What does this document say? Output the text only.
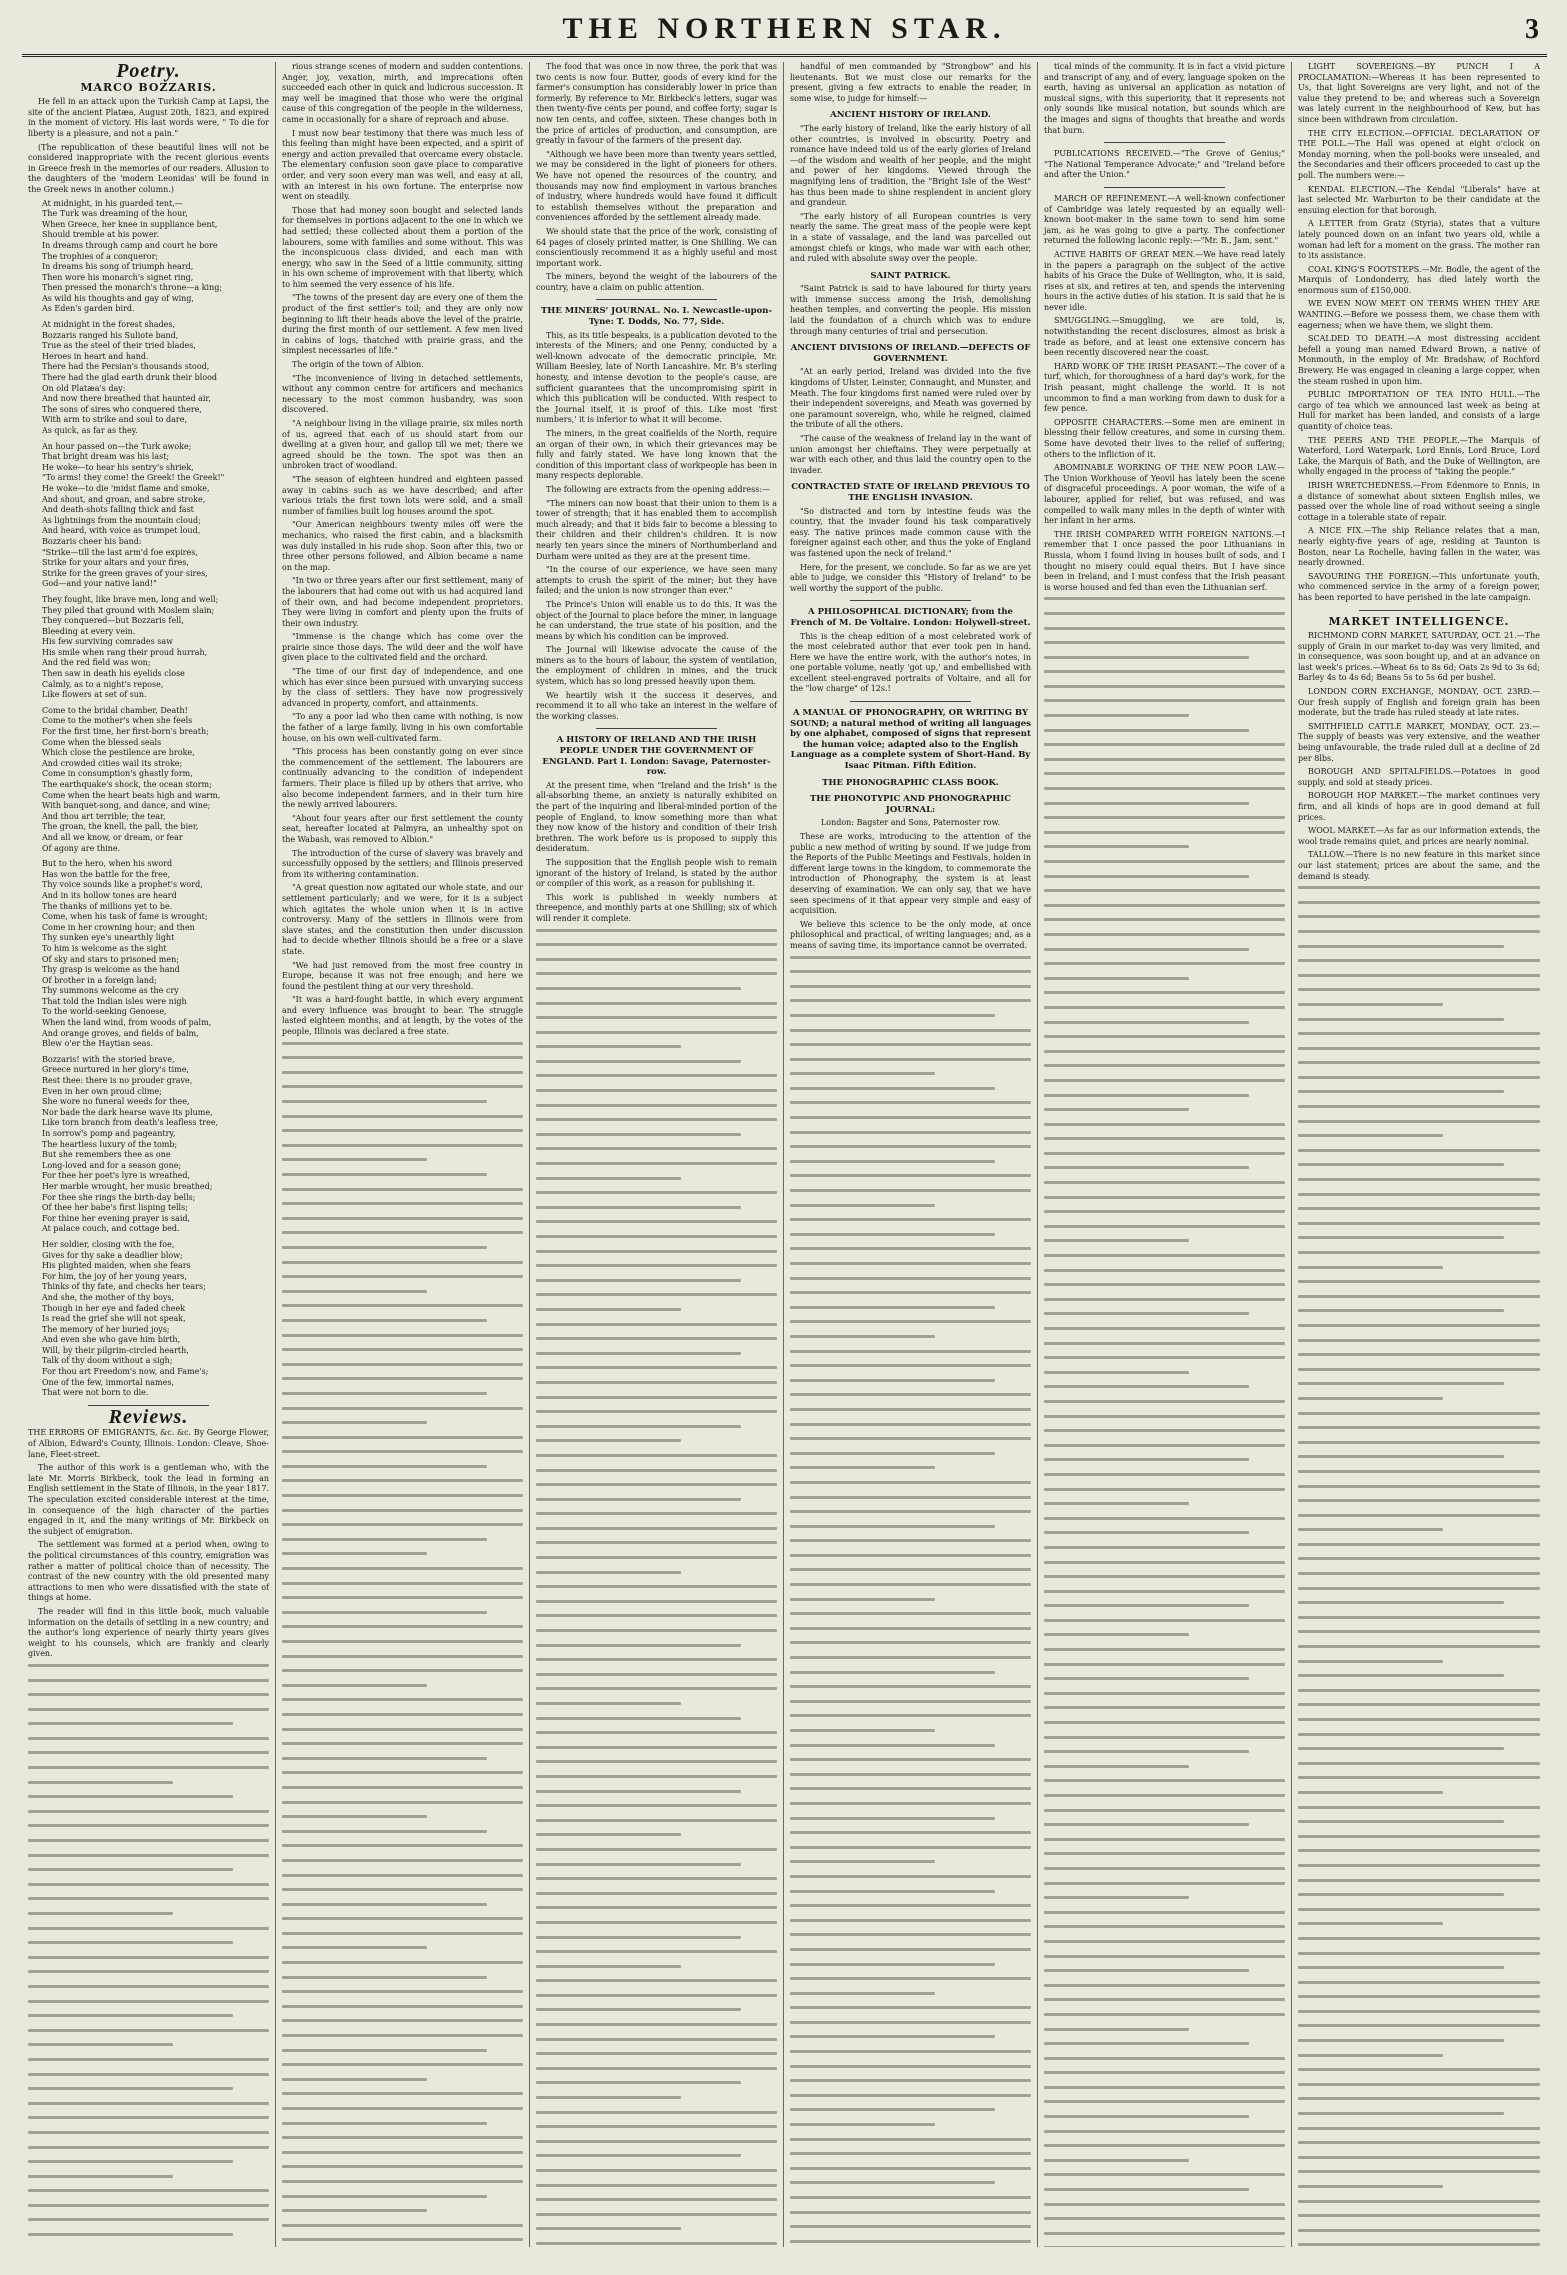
THE NORTHERN STAR.	3
Poetry.
MARCO BOZZARIS.

He fell in an attack upon the Turkish Camp at Lapsi, the site of the ancient Platæa, August 20th, 1823, and expired in the moment of victory. His last words were, " To die for liberty is a pleasure, and not a pain."

(The republication of these beautiful lines will not be considered inappropriate with the recent glorious events in Greece fresh in the memories of our readers. Allusion to the daughters of the 'modern Leonidas' will be found in the Greek news in another column.)

At midnight, in his guarded tent,—

The Turk was dreaming of the hour,

When Greece, her knee in suppliance bent,

Should tremble at his power.

In dreams through camp and court he bore

The trophies of a conqueror;

In dreams his song of triumph heard,

Then wore his monarch's signet ring,

Then pressed the monarch's throne—a king;

As wild his thoughts and gay of wing,

As Eden's garden bird.

At midnight in the forest shades,

Bozzaris ranged his Suliote band,

True as the steel of their tried blades,

Heroes in heart and hand.

There had the Persian's thousands stood,

There had the glad earth drunk their blood

On old Platæa's day:

And now there breathed that haunted air,

The sons of sires who conquered there,

With arm to strike and soul to dare,

As quick, as far as they.

An hour passed on—the Turk awoke;

That bright dream was his last;

He woke—to hear his sentry's shriek,

"To arms! they come! the Greek! the Greek!"

He woke—to die 'midst flame and smoke,

And shout, and groan, and sabre stroke,

And death-shots falling thick and fast

As lightnings from the mountain cloud;

And heard, with voice as trumpet loud,

Bozzaris cheer his band:

"Strike—till the last arm'd foe expires,

Strike for your altars and your fires,

Strike for the green graves of your sires,

God—and your native land!"

They fought, like brave men, long and well;

They piled that ground with Moslem slain;

They conquered—but Bozzaris fell,

Bleeding at every vein.

His few surviving comrades saw

His smile when rang their proud hurrah,

And the red field was won;

Then saw in death his eyelids close

Calmly, as to a night's repose,

Like flowers at set of sun.

Come to the bridal chamber, Death!

Come to the mother's when she feels

For the first time, her first-born's breath;

Come when the blessed seals

Which close the pestilence are broke,

And crowded cities wail its stroke;

Come in consumption's ghastly form,

The earthquake's shock, the ocean storm;

Come when the heart beats high and warm,

With banquet-song, and dance, and wine;

And thou art terrible; the tear,

The groan, the knell, the pall, the bier,

And all we know, or dream, or fear

Of agony are thine.

But to the hero, when his sword

Has won the battle for the free,

Thy voice sounds like a prophet's word,

And in its hollow tones are heard

The thanks of millions yet to be.

Come, when his task of fame is wrought;

Come in her crowning hour; and then

Thy sunken eye's unearthly light

To him is welcome as the sight

Of sky and stars to prisoned men;

Thy grasp is welcome as the hand

Of brother in a foreign land;

Thy summons welcome as the cry

That told the Indian isles were nigh

To the world-seeking Genoese,

When the land wind, from woods of palm,

And orange groves, and fields of balm,

Blew o'er the Haytian seas.

Bozzaris! with the storied brave,

Greece nurtured in her glory's time,

Rest thee: there is no prouder grave,

Even in her own proud clime;

She wore no funeral weeds for thee,

Nor bade the dark hearse wave its plume,

Like torn branch from death's leafless tree,

In sorrow's pomp and pageantry,

The heartless luxury of the tomb;

But she remembers thee as one

Long-loved and for a season gone;

For thee her poet's lyre is wreathed,

Her marble wrought, her music breathed;

For thee she rings the birth-day bells;

Of thee her babe's first lisping tells;

For thine her evening prayer is said,

At palace couch, and cottage bed.

Her soldier, closing with the foe,

Gives for thy sake a deadlier blow;

His plighted maiden, when she fears

For him, the joy of her young years,

Thinks of thy fate, and checks her tears;

And she, the mother of thy boys,

Though in her eye and faded cheek

Is read the grief she will not speak,

The memory of her buried joys;

And even she who gave him birth,

Will, by their pilgrim-circled hearth,

Talk of thy doom without a sigh;

For thou art Freedom's now, and Fame's;

One of the few, immortal names,

That were not born to die.

Reviews.

THE ERRORS OF EMIGRANTS, &c. &c. By George Flower, of Albion, Edward's County, Illinois. London: Cleave, Shoe-lane, Fleet-street.

The author of this work is a gentleman who, with the late Mr. Morris Birkbeck, took the lead in forming an English settlement in the State of Illinois, in the year 1817. The speculation excited considerable interest at the time, in consequence of the high character of the parties engaged in it, and the many writings of Mr. Birkbeck on the subject of emigration.

The settlement was formed at a period when, owing to the political circumstances of this country, emigration was rather a matter of political choice than of necessity. The contrast of the new country with the old presented many attractions to men who were dissatisfied with the state of things at home.

The reader will find in this little book, much valuable information on the details of settling in a new country; and the author's long experience of nearly thirty years gives weight to his counsels, which are frankly and clearly given.

rious strange scenes of modern and sudden contentions. Anger, joy, vexation, mirth, and imprecations often succeeded each other in quick and ludicrous succession. It may well be imagined that those who were the original cause of this congregation of the people in the wilderness, came in occasionally for a share of reproach and abuse.

I must now bear testimony that there was much less of this feeling than might have been expected, and a spirit of energy and action prevailed that overcame every obstacle. The elementary confusion soon gave place to comparative order, and very soon every man was well, and easy at all, with an interest in his own fortune. The enterprise now went on steadily.

Those that had money soon bought and selected lands for themselves in portions adjacent to the one in which we had settled; these collected about them a portion of the labourers, some with families and some without. This was the inconspicuous class divided, and each man with energy, who saw in the Seed of a little community, sitting in his own scheme of improvement with that liberty, which to him seemed the very essence of his life.

"The towns of the present day are every one of them the product of the first settler's toil; and they are only now beginning to lift their heads above the level of the prairie, during the first month of our settlement. A few men lived in cabins of logs, thatched with prairie grass, and the simplest necessaries of life."

The origin of the town of Albion.

"The inconvenience of living in detached settlements, without any common centre for artificers and mechanics necessary to the most common husbandry, was soon discovered.

"A neighbour living in the village prairie, six miles north of us, agreed that each of us should start from our dwelling at a given hour, and gallop till we met; there we agreed should be the town. The spot was then an unbroken tract of woodland.

"The season of eighteen hundred and eighteen passed away in cabins such as we have described; and after various trials the first town lots were sold, and a small number of families built log houses around the spot.

"Our American neighbours twenty miles off were the mechanics, who raised the first cabin, and a blacksmith was duly installed in his rude shop. Soon after this, two or three other persons followed, and Albion became a name on the map.

"In two or three years after our first settlement, many of the labourers that had come out with us had acquired land of their own, and had become independent proprietors. They were living in comfort and plenty upon the fruits of their own industry.

"Immense is the change which has come over the prairie since those days. The wild deer and the wolf have given place to the cultivated field and the orchard.

"The time of our first day of independence, and one which has ever since been pursued with unvarying success by the class of settlers. They have now progressively advanced in property, comfort, and attainments.

"To any a poor lad who then came with nothing, is now the father of a large family, living in his own comfortable house, on his own well-cultivated farm.

"This process has been constantly going on ever since the commencement of the settlement. The labourers are continually advancing to the condition of independent farmers. Their place is filled up by others that arrive, who also become independent farmers, and in their turn hire the newly arrived labourers.

"About four years after our first settlement the county seat, hereafter located at Palmyra, an unhealthy spot on the Wabash, was removed to Albion."

The introduction of the curse of slavery was bravely and successfully opposed by the settlers; and Illinois preserved from its withering contamination.

"A great question now agitated our whole state, and our settlement particularly; and we were, for it is a subject which agitates the whole union when it is in active controversy. Many of the settlers in Illinois were from slave states, and the constitution then under discussion had to decide whether Illinois should be a free or a slave state.

"We had just removed from the most free country in Europe, because it was not free enough; and here we found the pestilent thing at our very threshold.

"It was a hard-fought battle, in which every argument and every influence was brought to bear. The struggle lasted eighteen months, and at length, by the votes of the people, Illinois was declared a free state.

The food that was once in now three, the pork that was two cents is now four. Butter, goods of every kind for the farmer's consumption has considerably lower in price than formerly. By reference to Mr. Birkbeck's letters, sugar was then twenty-five cents per pound, and coffee forty; sugar is now ten cents, and coffee, sixteen. These changes both in the price of articles of production, and consumption, are greatly in favour of the farmers of the present day.

"Although we have been more than twenty years settled, we may be considered in the light of pioneers for others. We have not opened the resources of the country, and thousands may now find employment in various branches of industry, where hundreds would have found it difficult to establish themselves without the preparation and conveniences afforded by the settlement already made.

We should state that the price of the work, consisting of 64 pages of closely printed matter, is One Shilling. We can conscientiously recommend it as a highly useful and most important work.

The miners, beyond the weight of the labourers of the country, have a claim on public attention.

THE MINERS' JOURNAL. No. I. Newcastle-upon-Tyne: T. Dodds, No. 77, Side.

This, as its title bespeaks, is a publication devoted to the interests of the Miners; and one Penny, conducted by a well-known advocate of the democratic principle, Mr. William Beesley, late of North Lancashire. Mr. B's sterling honesty, and intense devotion to the people's cause, are sufficient guarantees that the uncompromising spirit in which this publication will be conducted. With respect to the Journal itself, it is proof of this. Like most 'first numbers,' it is inferior to what it will become.

The miners, in the great coalfields of the North, require an organ of their own, in which their grievances may be fully and fairly stated. We have long known that the condition of this important class of workpeople has been in many respects deplorable.

The following are extracts from the opening address:—

"The miners can now boast that their union to them is a tower of strength; that it has enabled them to accomplish much already; and that it bids fair to become a blessing to their children and their children's children. It is now nearly ten years since the miners of Northumberland and Durham were united as they are at the present time.

"In the course of our experience, we have seen many attempts to crush the spirit of the miner; but they have failed; and the union is now stronger than ever."

The Prince's Union will enable us to do this. It was the object of the Journal to place before the miner, in language he can understand, the true state of his position, and the means by which his condition can be improved.

The Journal will likewise advocate the cause of the miners as to the hours of labour, the system of ventilation, the employment of children in mines, and the truck system, which has so long pressed heavily upon them.

We heartily wish it the success it deserves, and recommend it to all who take an interest in the welfare of the working classes.

A HISTORY OF IRELAND AND THE IRISH PEOPLE UNDER THE GOVERNMENT OF ENGLAND. Part I. London: Savage, Paternoster-row.

At the present time, when "Ireland and the Irish" is the all-absorbing theme, an anxiety is naturally exhibited on the part of the inquiring and liberal-minded portion of the people of England, to know something more than what they now know of the history and condition of their Irish brethren. The work before us is proposed to supply this desideratum.

The supposition that the English people wish to remain ignorant of the history of Ireland, is stated by the author or compiler of this work, as a reason for publishing it.

This work is published in weekly numbers at threepence, and monthly parts at one Shilling; six of which will render it complete.

handful of men commanded by "Strongbow" and his lieutenants. But we must close our remarks for the present, giving a few extracts to enable the reader, in some wise, to judge for himself:—

ANCIENT HISTORY OF IRELAND.

"The early history of Ireland, like the early history of all other countries, is involved in obscurity. Poetry and romance have indeed told us of the early glories of Ireland—of the wisdom and wealth of her people, and the might and power of her kingdoms. Viewed through the magnifying lens of tradition, the "Bright Isle of the West" has thus been made to shine resplendent in ancient glory and grandeur.

"The early history of all European countries is very nearly the same. The great mass of the people were kept in a state of vassalage, and the land was parcelled out amongst chiefs or kings, who made war with each other, and ruled with absolute sway over the people.

SAINT PATRICK.

"Saint Patrick is said to have laboured for thirty years with immense success among the Irish, demolishing heathen temples, and converting the people. His mission laid the foundation of a church which was to endure through many centuries of trial and persecution.

ANCIENT DIVISIONS OF IRELAND.—DEFECTS OF GOVERNMENT.

"At an early period, Ireland was divided into the five kingdoms of Ulster, Leinster, Connaught, and Munster, and Meath. The four kingdoms first named were ruled over by their independent sovereigns, and Meath was governed by one paramount sovereign, who, while he reigned, claimed the tribute of all the others.

"The cause of the weakness of Ireland lay in the want of union amongst her chieftains. They were perpetually at war with each other, and thus laid the country open to the invader.

CONTRACTED STATE OF IRELAND PREVIOUS TO THE ENGLISH INVASION.

"So distracted and torn by intestine feuds was the country, that the invader found his task comparatively easy. The native princes made common cause with the foreigner against each other, and thus the yoke of England was fastened upon the neck of Ireland."

Here, for the present, we conclude. So far as we are yet able to judge, we consider this "History of Ireland" to be well worthy the support of the public.

A PHILOSOPHICAL DICTIONARY; from the French of M. De Voltaire. London: Holywell-street.

This is the cheap edition of a most celebrated work of the most celebrated author that ever took pen in hand. Here we have the entire work, with the author's notes, in one portable volume, neatly 'got up,' and embellished with excellent steel-engraved portraits of Voltaire, and all for the "low charge" of 12s.!

A MANUAL OF PHONOGRAPHY, OR WRITING BY SOUND; a natural method of writing all languages by one alphabet, composed of signs that represent the human voice; adapted also to the English Language as a complete system of Short-Hand. By Isaac Pitman. Fifth Edition.
THE PHONOGRAPHIC CLASS BOOK.
THE PHONOTYPIC AND PHONOGRAPHIC JOURNAL:

London: Bagster and Sons, Paternoster row.

These are works, introducing to the attention of the public a new method of writing by sound. If we judge from the Reports of the Public Meetings and Festivals, holden in different large towns in the kingdom, to commemorate the introduction of Phonography, the system is at least deserving of examination. We can only say, that we have seen specimens of it that appear very simple and easy of acquisition.

We believe this science to be the only mode, at once philosophical and practical, of writing languages; and, as a means of saving time, its importance cannot be overrated.

tical minds of the community. It is in fact a vivid picture and transcript of any, and of every, language spoken on the earth, having as universal an application as notation of musical signs, with this superiority, that it represents not only sounds like musical notation, but sounds which are the images and signs of thoughts that breathe and words that burn.

PUBLICATIONS RECEIVED.—"The Grove of Genius;" "The National Temperance Advocate;" and "Ireland before and after the Union."

MARCH OF REFINEMENT.—A well-known confectioner of Cambridge was lately requested by an equally well-known boot-maker in the same town to send him some jam, as he was going to give a party. The confectioner returned the following laconic reply:—"Mr. B., Jam, sent."

ACTIVE HABITS OF GREAT MEN.—We have read lately in the papers a paragraph on the subject of the active habits of his Grace the Duke of Wellington, who, it is said, rises at six, and retires at ten, and spends the intervening hours in the active duties of his station. It is said that he is never idle.

SMUGGLING.—Smuggling, we are told, is, notwithstanding the recent disclosures, almost as brisk a trade as before, and at least one extensive concern has been recently discovered near the coast.

HARD WORK OF THE IRISH PEASANT.—The cover of a turf, which, for thoroughness of a hard day's work, for the Irish peasant, might challenge the world. It is not uncommon to find a man working from dawn to dusk for a few pence.

OPPOSITE CHARACTERS.—Some men are eminent in blessing their fellow creatures, and some in cursing them. Some have devoted their lives to the relief of suffering; others to the infliction of it.

ABOMINABLE WORKING OF THE NEW POOR LAW.—The Union Workhouse of Yeovil has lately been the scene of disgraceful proceedings. A poor woman, the wife of a labourer, applied for relief, but was refused, and was compelled to walk many miles in the depth of winter with her infant in her arms.

THE IRISH COMPARED WITH FOREIGN NATIONS.—I remember that I once passed the poor Lithuanians in Russia, whom I found living in houses built of sods, and I thought no misery could equal theirs. But I have since been in Ireland, and I must confess that the Irish peasant is worse housed and fed than even the Lithuanian serf.

LIGHT SOVEREIGNS.—BY PUNCH I A PROCLAMATION:—Whereas it has been represented to Us, that light Sovereigns are very light, and not of the value they pretend to be; and whereas such a Sovereign was lately current in the neighbourhood of Kew, but has since been withdrawn from circulation.

THE CITY ELECTION.—OFFICIAL DECLARATION OF THE POLL.—The Hall was opened at eight o'clock on Monday morning, when the poll-books were unsealed, and the Secondaries and their officers proceeded to cast up the poll. The numbers were:—

KENDAL ELECTION.—The Kendal "Liberals" have at last selected Mr. Warburton to be their candidate at the ensuing election for that borough.

A LETTER from Gratz (Styria), states that a vulture lately pounced down on an infant two years old, while a woman had left for a moment on the grass. The mother ran to its assistance.

COAL KING'S FOOTSTEPS.—Mr. Bodle, the agent of the Marquis of Londonderry, has died lately worth the enormous sum of £150,000.

WE EVEN NOW MEET ON TERMS WHEN THEY ARE WANTING.—Before we possess them, we chase them with eagerness; when we have them, we slight them.

SCALDED TO DEATH.—A most distressing accident befell a young man named Edward Brown, a native of Monmouth, in the employ of Mr. Bradshaw, of Rochford Brewery. He was engaged in cleaning a large copper, when the steam rushed in upon him.

PUBLIC IMPORTATION OF TEA INTO HULL.—The cargo of tea which we announced last week as being at Hull for market has been landed, and consists of a large quantity of choice teas.

THE PEERS AND THE PEOPLE.—The Marquis of Waterford, Lord Waterpark, Lord Ennis, Lord Bruce, Lord Lake, the Marquis of Bath, and the Duke of Wellington, are wholly engaged in the process of "taking the people."

IRISH WRETCHEDNESS.—From Edenmore to Ennis, in a distance of somewhat about sixteen English miles, we passed over the whole line of road without seeing a single cottage in a tolerable state of repair.

A NICE FIX.—The ship Reliance relates that a man, nearly eighty-five years of age, residing at Taunton is Boston, near La Rochelle, having fallen in the water, was nearly drowned.

SAVOURING THE FOREIGN.—This unfortunate youth, who commenced service in the army of a foreign power, has been reported to have perished in the late campaign.

MARKET INTELLIGENCE.

RICHMOND CORN MARKET, SATURDAY, OCT. 21.—The supply of Grain in our market to-day was very limited, and in consequence, was soon bought up, and at an advance on last week's prices.—Wheat 6s to 8s 6d; Oats 2s 9d to 3s 6d; Barley 4s to 4s 6d; Beans 5s to 5s 6d per bushel.

LONDON CORN EXCHANGE, MONDAY, OCT. 23RD.—Our fresh supply of English and foreign grain has been moderate, but the trade has ruled steady at late rates.

SMITHFIELD CATTLE MARKET, MONDAY, OCT. 23.—The supply of beasts was very extensive, and the weather being unfavourable, the trade ruled dull at a decline of 2d per 8lbs.

BOROUGH AND SPITALFIELDS.—Potatoes in good supply, and sold at steady prices.

BOROUGH HOP MARKET.—The market continues very firm, and all kinds of hops are in good demand at full prices.

WOOL MARKET.—As far as our information extends, the wool trade remains quiet, and prices are nearly nominal.

TALLOW.—There is no new feature in this market since our last statement; prices are about the same, and the demand is steady.
